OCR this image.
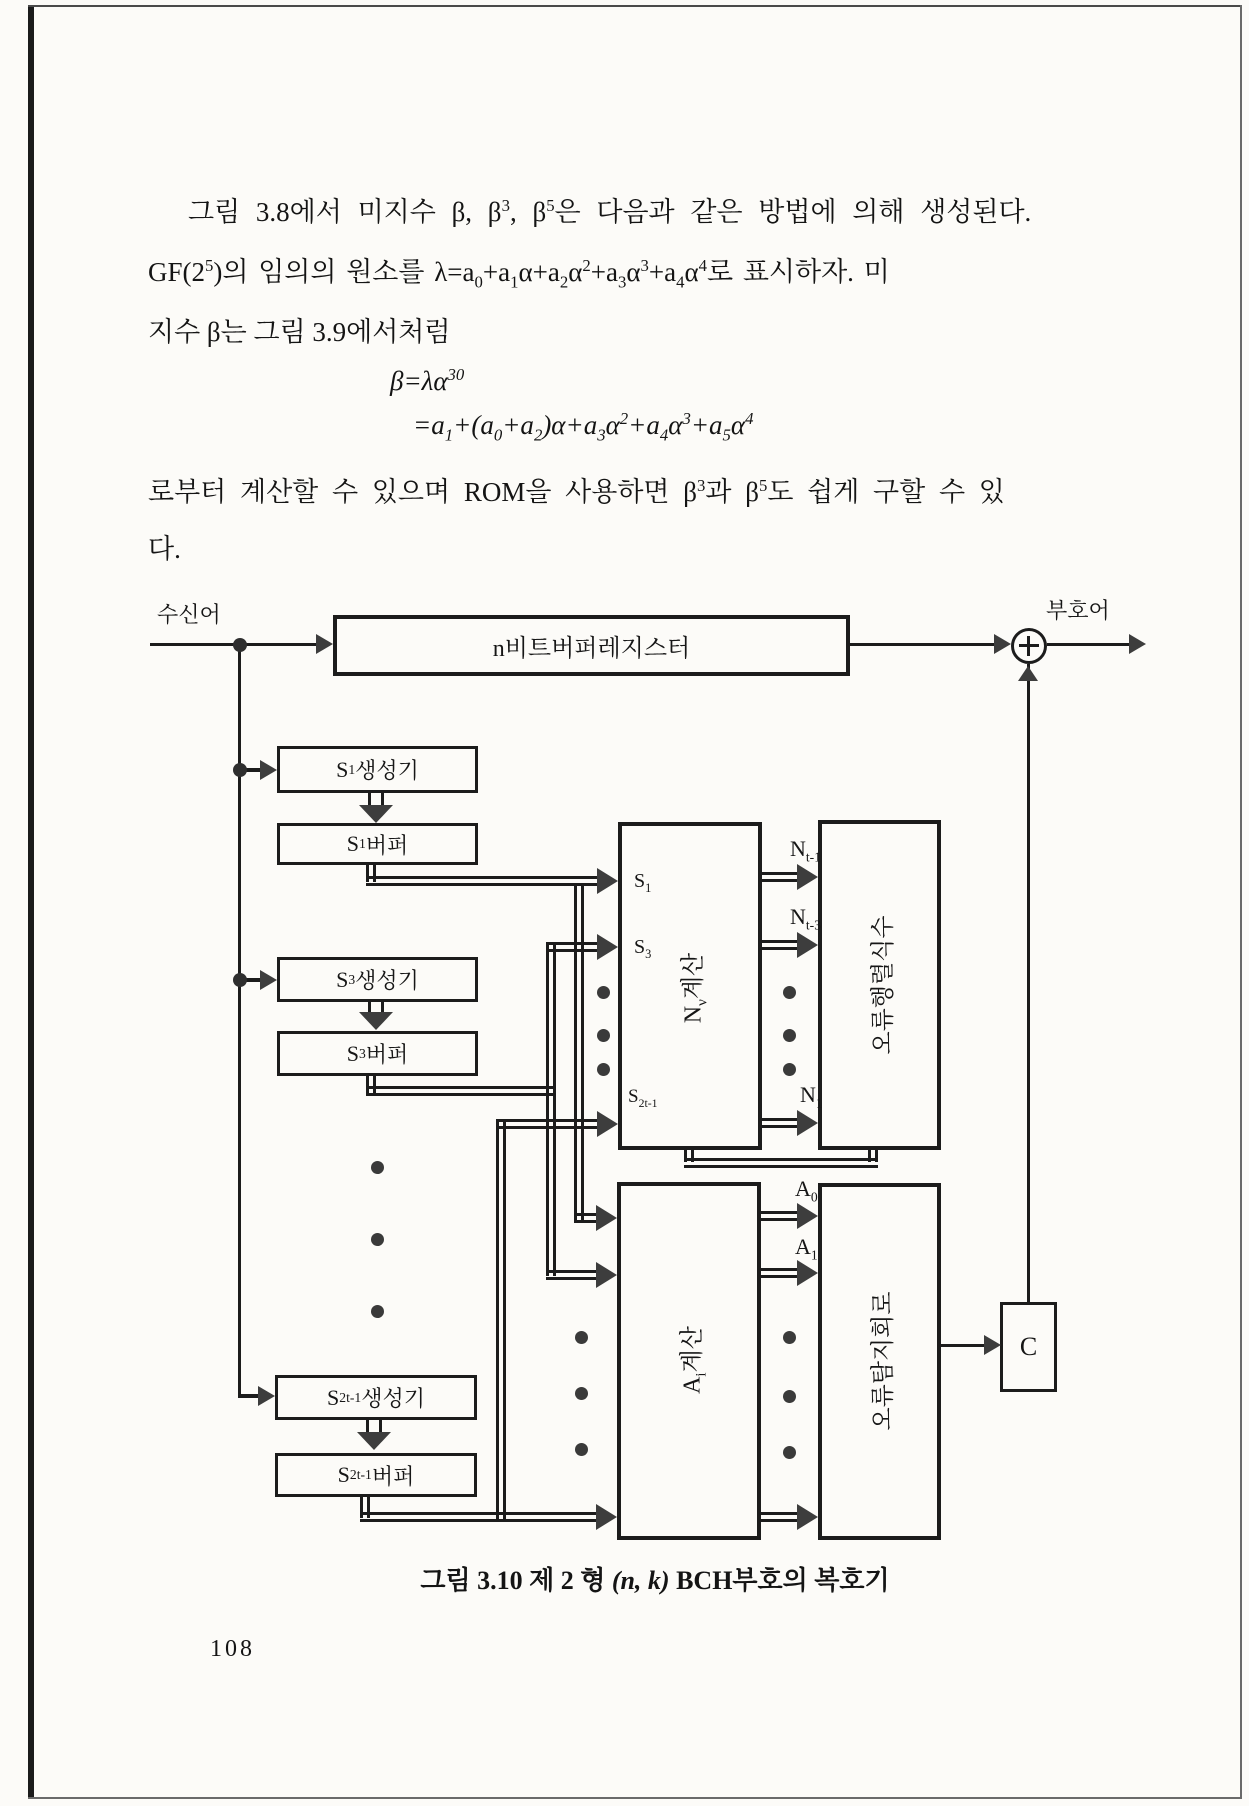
그림 3.8에서 미지수 β, $\beta^3$, $\beta^5$은 다음과 같은 방법에 의해 생성된다.
$GF(2^5)$의 임의의 원소를 $\lambda=a_0+a_1\alpha+a_2\alpha^2+a_3\alpha^3+a_4\alpha^4$로 표시하자. 미
지수 β는 그림 3.9에서처럼
$\beta=\lambda\alpha^{30}$
$=a_1+(a_0+a_2)\alpha+a_3\alpha^2+a_4\alpha^3+a_5\alpha^4$
로부터 계산할 수 있으며 ROM을 사용하면 $\beta^3$과 $\beta^5$도 쉽게 구할 수 있
다.
수신어	부호어
n비트버퍼레지스터
S 1 생성기
S 1 버퍼
S 3 생성기
S 3 버퍼
S 2t-1 생성기
S 2t-1 버퍼
$N_\nu$계산
$S_1$
$S_3$
$S_{2t-1}$
$N_{t-1}$
$N_{t-3}$
$N_1$
오류행렬식수
$A_i$계산
$A_0$
$A_1$
오류탐지회로	C
그림 3.10 제 2 형 (n, k) BCH부호의 복호기
108
